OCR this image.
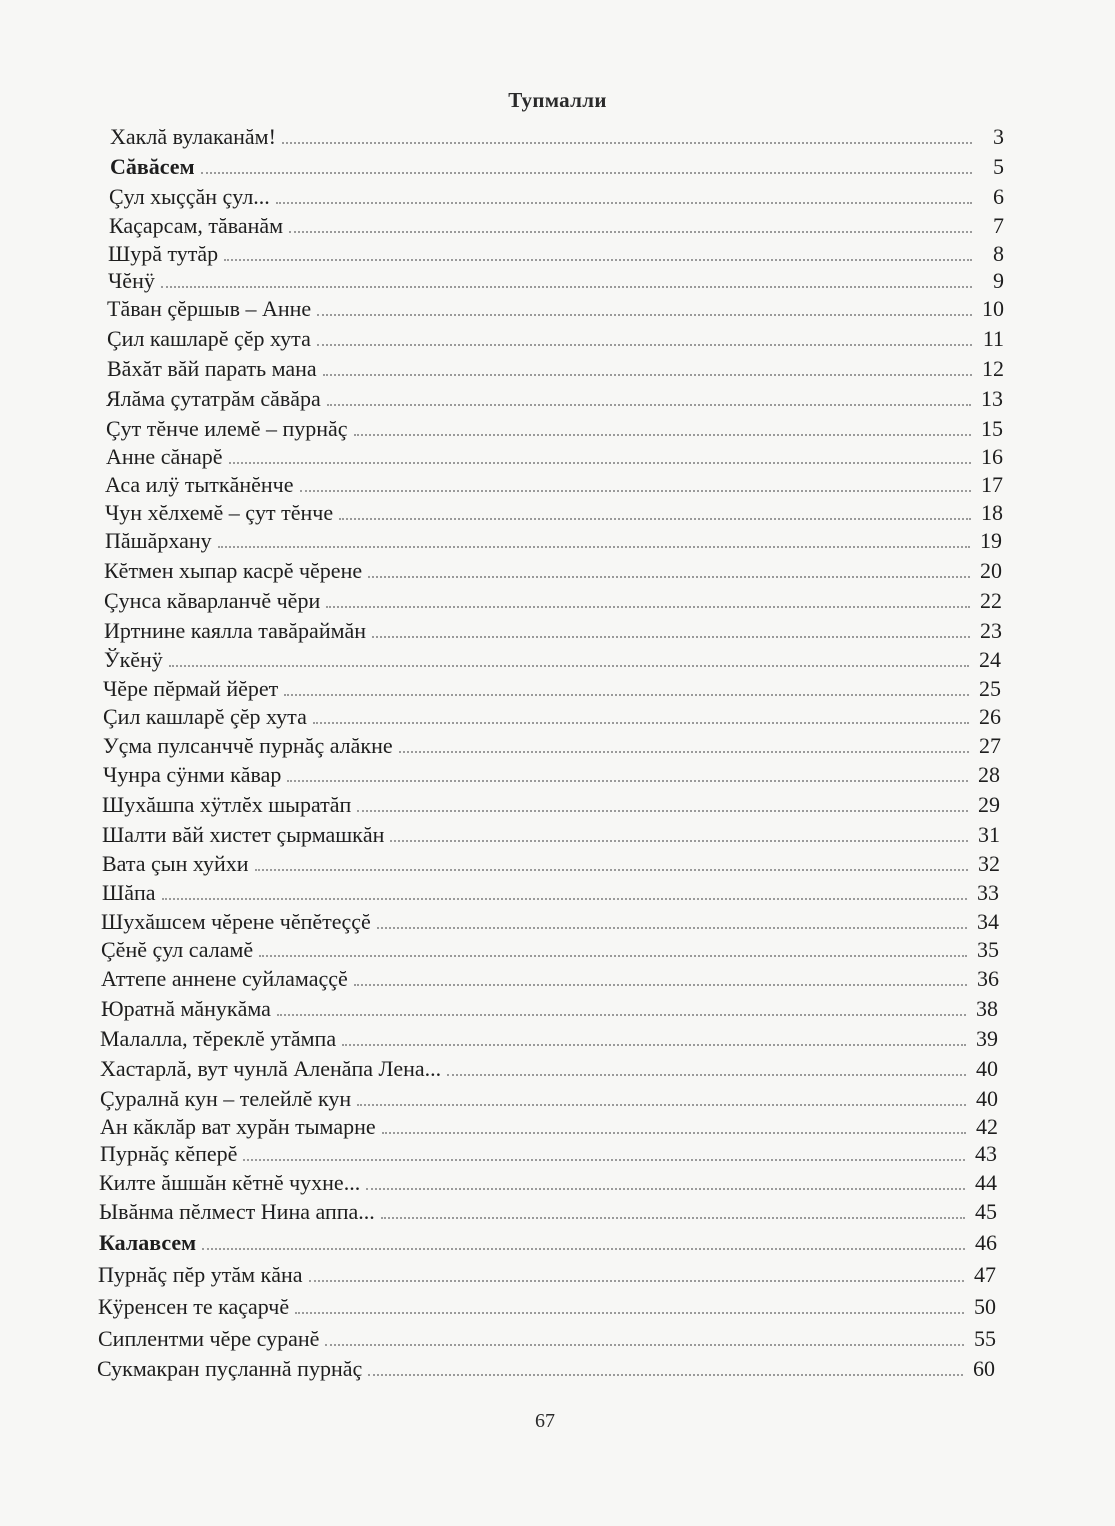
Тупмалли
Хаклă вулаканăм!	3
Сăвăсем	5
Çул хыççăн çул...	6
Каçарсам, тăванăм	7
Шурă тутăр	8
Чĕнÿ	9
Тăван çĕршыв – Анне	10
Çил кашларĕ çĕр хута	11
Вăхăт вăй парать мана	12
Ялăма çутатрăм сăвăра	13
Çут тĕнче илемĕ – пурнăç	15
Анне сăнарĕ	16
Аса илÿ тыткăнĕнче	17
Чун хĕлхемĕ – çут тĕнче	18
Пăшăрхану	19
Кĕтмен хыпар касрĕ чĕрене	20
Çунса кăварланчĕ чĕри	22
Иртнине каялла тавăраймăн	23
Ўкĕнÿ	24
Чĕре пĕрмай йĕрет	25
Çил кашларĕ çĕр хута	26
Уçма пулсанччĕ пурнăç алăкне	27
Чунра сÿнми кăвар	28
Шухăшпа хÿтлĕх шыратăп	29
Шалти вăй хистет çырмашкăн	31
Вата çын хуйхи	32
Шăпа	33
Шухăшсем чĕрене чĕпĕтеççĕ	34
Çĕнĕ çул саламĕ	35
Аттепе аннене суйламаççĕ	36
Юратнă мăнукăма	38
Малалла, тĕреклĕ утăмпа	39
Хастарлă, вут чунлă Аленăпа Лена...	40
Çуралнă кун – телейлĕ кун	40
Ан кăклăр ват хурăн тымарне	42
Пурнăç кĕперĕ	43
Килте ăшшăн кĕтнĕ чухне...	44
Ывăнма пĕлмест Нина аппа...	45
Калавсем	46
Пурнăç пĕр утăм кăна	47
Кÿренсен те каçарчĕ	50
Сиплентми чĕре суранĕ	55
Сукмакран пуçланнă пурнăç	60
67
